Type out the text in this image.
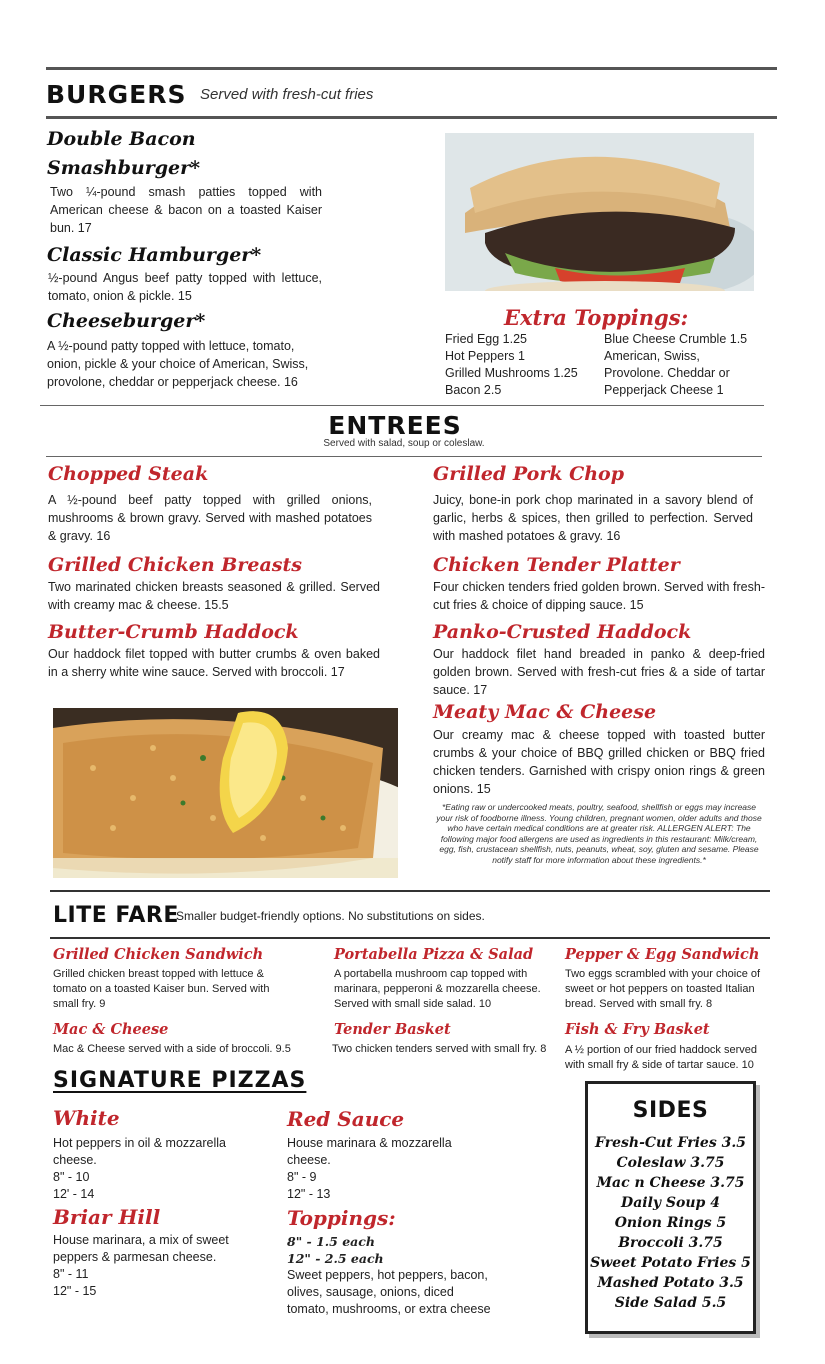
BURGERS Served with fresh-cut fries
Double Bacon
Smashburger*
Two ¼-pound smash patties topped with American cheese & bacon on a toasted Kaiser bun. 17
Classic Hamburger*
½-pound Angus beef patty topped with lettuce, tomato, onion & pickle. 15
Cheeseburger*
A ½-pound patty topped with lettuce, tomato, onion, pickle & your choice of American, Swiss, provolone, cheddar or pepperjack cheese. 16
Extra Toppings:
Fried Egg 1.25
Hot Peppers 1
Grilled Mushrooms 1.25
Bacon 2.5
Blue Cheese Crumble 1.5
American, Swiss,
Provolone. Cheddar or
Pepperjack Cheese 1
ENTREES
Served with salad, soup or coleslaw.
Chopped Steak
A ½-pound beef patty topped with grilled onions, mushrooms & brown gravy. Served with mashed potatoes & gravy. 16
Grilled Chicken Breasts
Two marinated chicken breasts seasoned & grilled. Served with creamy mac & cheese. 15.5
Butter-Crumb Haddock
Our haddock filet topped with butter crumbs & oven baked in a sherry white wine sauce. Served with broccoli. 17
Grilled Pork Chop
Juicy, bone-in pork chop marinated in a savory blend of garlic, herbs & spices, then grilled to perfection. Served with mashed potatoes & gravy. 16
Chicken Tender Platter
Four chicken tenders fried golden brown. Served with fresh-cut fries & choice of dipping sauce. 15
Panko-Crusted Haddock
Our haddock filet hand breaded in panko & deep-fried golden brown. Served with fresh-cut fries & a side of tartar sauce. 17
Meaty Mac & Cheese
Our creamy mac & cheese topped with toasted butter crumbs & your choice of BBQ grilled chicken or BBQ fried chicken tenders. Garnished with crispy onion rings & green onions. 15
*Eating raw or undercooked meats, poultry, seafood, shellfish or eggs may increase your risk of foodborne illness. Young children, pregnant women, older adults and those who have certain medical conditions are at greater risk. ALLERGEN ALERT: The following major food allergens are used as ingredients in this restaurant: Milk/cream, egg, fish, crustacean shellfish, nuts, peanuts, wheat, soy, gluten and sesame. Please notify staff for more information about these ingredients.*
LITE FARE
Smaller budget-friendly options. No substitutions on sides.
Grilled Chicken Sandwich
Grilled chicken breast topped with lettuce & tomato on a toasted Kaiser bun. Served with small fry. 9
Portabella Pizza & Salad
A portabella mushroom cap topped with marinara, pepperoni & mozzarella cheese. Served with small side salad. 10
Pepper & Egg Sandwich
Two eggs scrambled with your choice of sweet or hot peppers on toasted Italian bread. Served with small fry. 8
Mac & Cheese
Mac & Cheese served with a side of broccoli. 9.5
Tender Basket
Two chicken tenders served with small fry. 8
Fish & Fry Basket
A ½ portion of our fried haddock served with small fry & side of tartar sauce. 10
SIGNATURE PIZZAS
White
Hot peppers in oil & mozzarella
cheese.
8" - 10
12' - 14
Briar Hill
House marinara, a mix of sweet
peppers & parmesan cheese.
8" - 11
12" - 15
Red Sauce
House marinara & mozzarella
cheese.
8" - 9
12" - 13
Toppings:
8" - 1.5 each
12" - 2.5 each
Sweet peppers, hot peppers, bacon,
olives, sausage, onions, diced
tomato, mushrooms, or extra cheese
SIDES
Fresh-Cut Fries 3.5
Coleslaw 3.75
Mac n Cheese 3.75
Daily Soup 4
Onion Rings 5
Broccoli 3.75
Sweet Potato Fries 5
Mashed Potato 3.5
Side Salad 5.5
